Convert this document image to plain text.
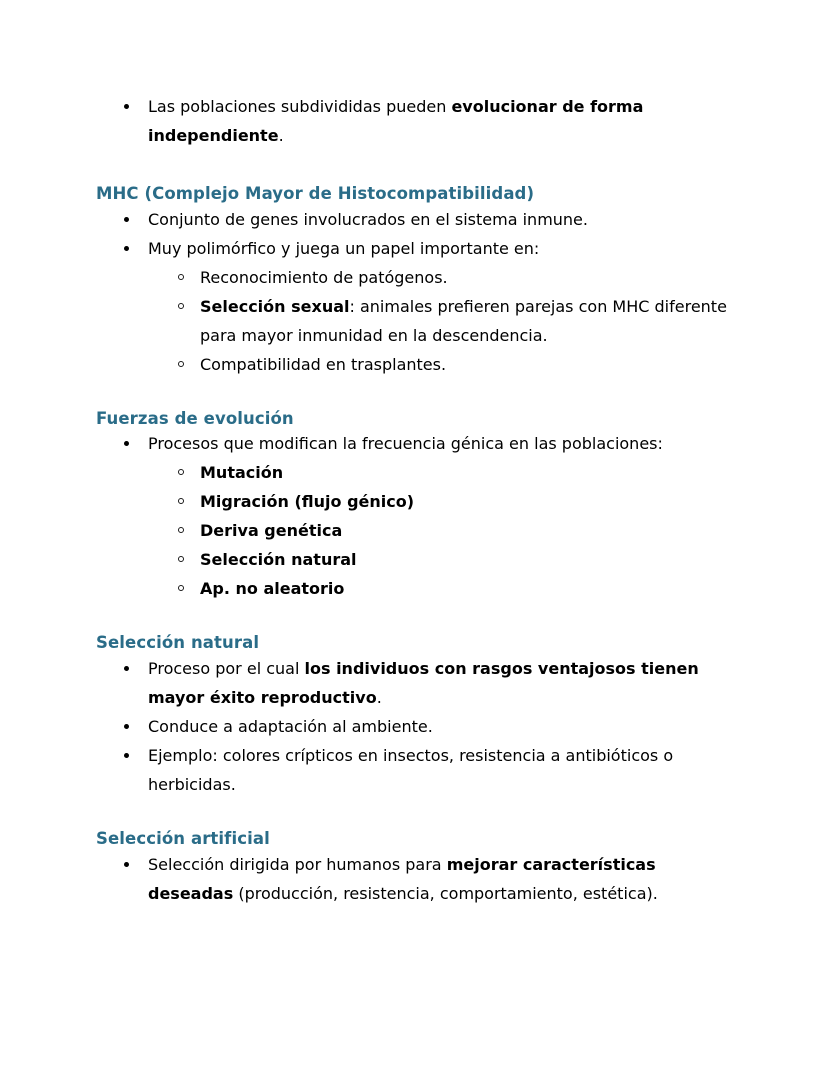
Las poblaciones subdivididas pueden evolucionar de forma independiente.
MHC (Complejo Mayor de Histocompatibilidad)
Conjunto de genes involucrados en el sistema inmune.
Muy polimórfico y juega un papel importante en:
Reconocimiento de patógenos.
Selección sexual: animales prefieren parejas con MHC diferente para mayor inmunidad en la descendencia.
Compatibilidad en trasplantes.
Fuerzas de evolución
Procesos que modifican la frecuencia génica en las poblaciones:
Mutación
Migración (flujo génico)
Deriva genética
Selección natural
Ap. no aleatorio
Selección natural
Proceso por el cual los individuos con rasgos ventajosos tienen mayor éxito reproductivo.
Conduce a adaptación al ambiente.
Ejemplo: colores crípticos en insectos, resistencia a antibióticos o herbicidas.
Selección artificial
Selección dirigida por humanos para mejorar características deseadas (producción, resistencia, comportamiento, estética).
